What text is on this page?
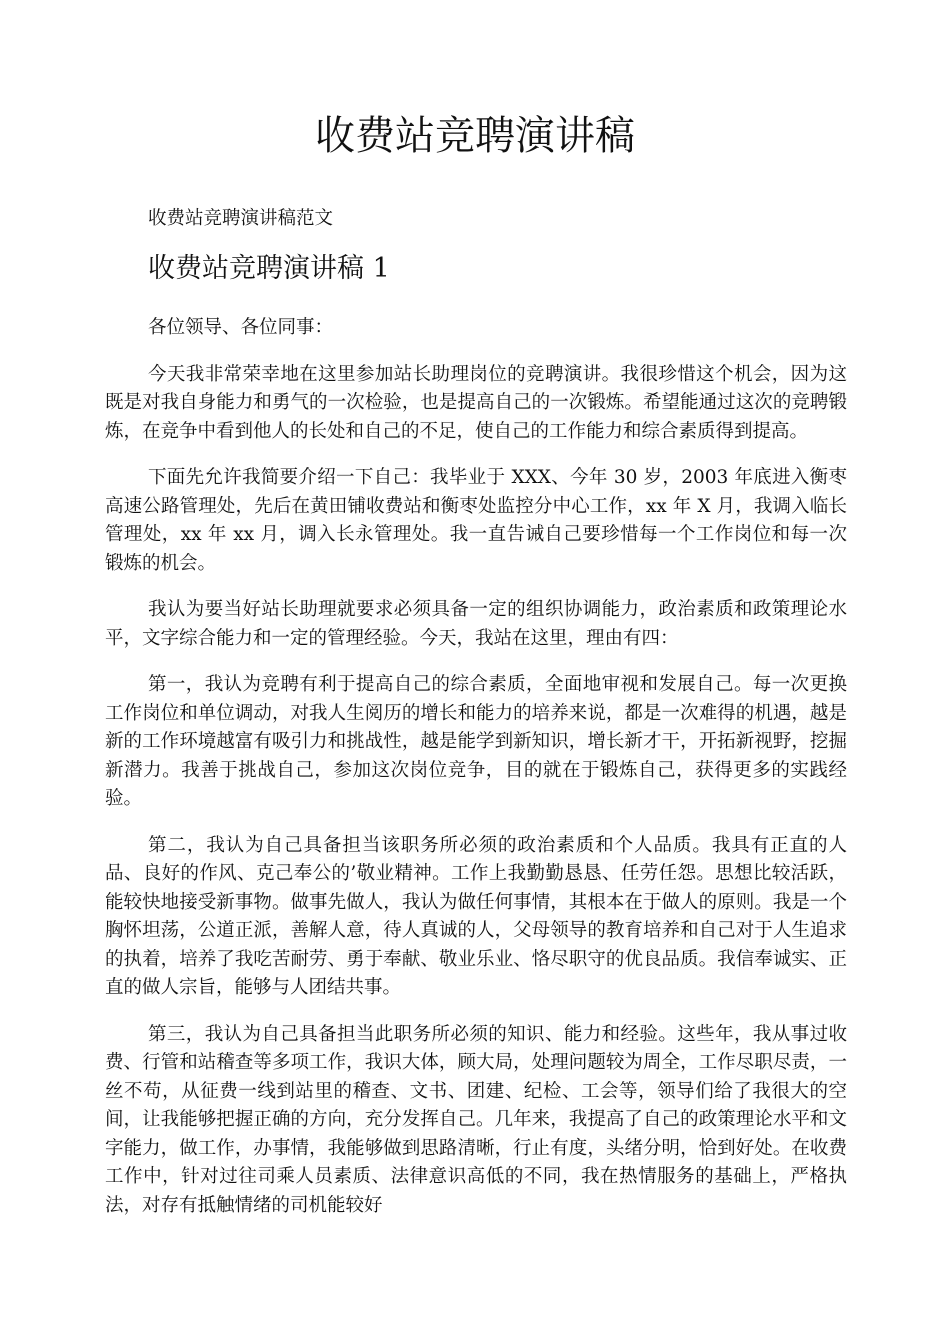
收费站竞聘演讲稿

收费站竞聘演讲稿范文

收费站竞聘演讲稿 1

各位领导、各位同事：

今天我非常荣幸地在这里参加站长助理岗位的竞聘演讲。我很珍惜这个机会，因为这既是对我自身能力和勇气的一次检验，也是提高自己的一次锻炼。希望能通过这次的竞聘锻炼，在竞争中看到他人的长处和自己的不足，使自己的工作能力和综合素质得到提高。

下面先允许我简要介绍一下自己：我毕业于 XXX、今年 30 岁，2003 年底进入衡枣高速公路管理处，先后在黄田铺收费站和衡枣处监控分中心工作，xx 年 X 月，我调入临长管理处，xx 年 xx 月，调入长永管理处。我一直告诫自己要珍惜每一个工作岗位和每一次锻炼的机会。

我认为要当好站长助理就要求必须具备一定的组织协调能力，政治素质和政策理论水平，文字综合能力和一定的管理经验。今天，我站在这里，理由有四：

第一，我认为竞聘有利于提高自己的综合素质，全面地审视和发展自己。每一次更换工作岗位和单位调动，对我人生阅历的增长和能力的培养来说，都是一次难得的机遇，越是新的工作环境越富有吸引力和挑战性，越是能学到新知识，增长新才干，开拓新视野，挖掘新潜力。我善于挑战自己，参加这次岗位竞争，目的就在于锻炼自己，获得更多的实践经验。

第二，我认为自己具备担当该职务所必须的政治素质和个人品质。我具有正直的人品、良好的作风、克己奉公的’敬业精神。工作上我勤勤恳恳、任劳任怨。思想比较活跃，能较快地接受新事物。做事先做人，我认为做任何事情，其根本在于做人的原则。我是一个胸怀坦荡，公道正派，善解人意，待人真诚的人，父母领导的教育培养和自己对于人生追求的执着，培养了我吃苦耐劳、勇于奉献、敬业乐业、恪尽职守的优良品质。我信奉诚实、正直的做人宗旨，能够与人团结共事。

第三，我认为自己具备担当此职务所必须的知识、能力和经验。这些年，我从事过收费、行管和站稽查等多项工作，我识大体，顾大局，处理问题较为周全，工作尽职尽责，一丝不苟，从征费一线到站里的稽查、文书、团建、纪检、工会等，领导们给了我很大的空间，让我能够把握正确的方向，充分发挥自己。几年来，我提高了自己的政策理论水平和文字能力，做工作，办事情，我能够做到思路清晰，行止有度，头绪分明，恰到好处。在收费工作中，针对过往司乘人员素质、法律意识高低的不同，我在热情服务的基础上，严格执法，对存有抵触情绪的司机能较好
